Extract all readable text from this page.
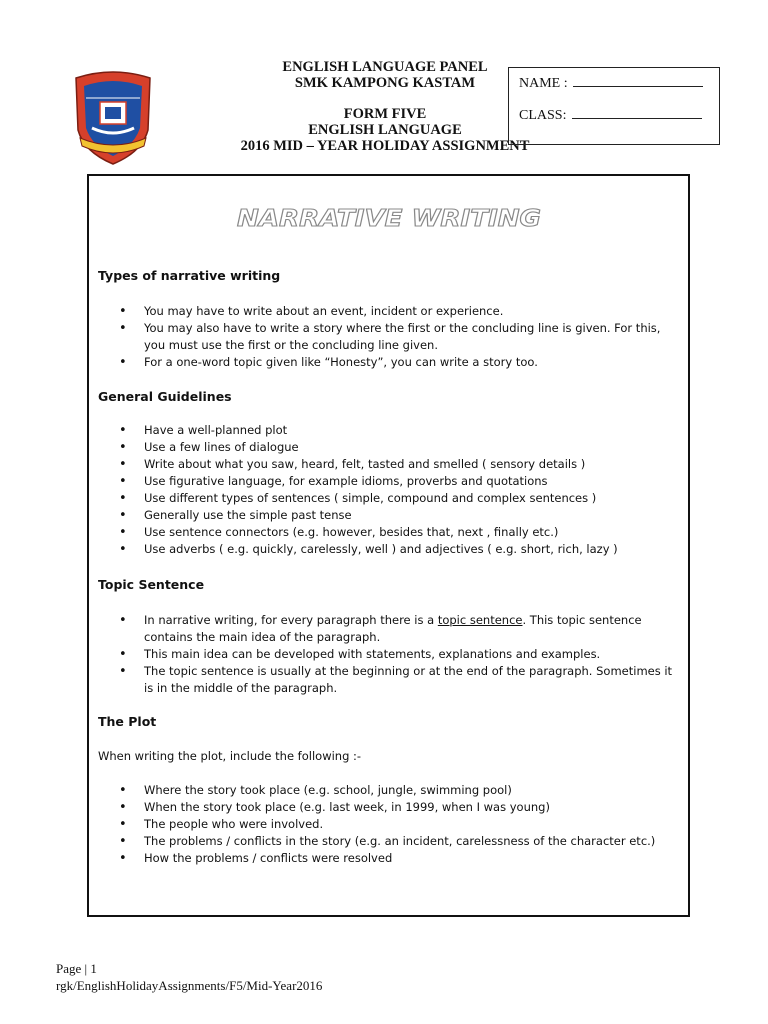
ENGLISH LANGUAGE PANEL
SMK KAMPONG KASTAM
FORM FIVE
ENGLISH LANGUAGE
2016 MID – YEAR HOLIDAY ASSIGNMENT
NAME :
CLASS:
NARRATIVE WRITING
Types of narrative writing
• You may have to write about an event, incident or experience.
• You may also have to write a story where the first or the concluding line is given. For this, you must use the first or the concluding line given.
• For a one-word topic given like “Honesty”, you can write a story too.
General Guidelines
• Have a well-planned plot
• Use a few lines of dialogue
• Write about what you saw, heard, felt, tasted and smelled ( sensory details )
• Use figurative language, for example idioms, proverbs and quotations
• Use different types of sentences ( simple, compound and complex sentences )
• Generally use the simple past tense
• Use sentence connectors (e.g. however, besides that, next , finally etc.)
• Use adverbs ( e.g. quickly, carelessly, well ) and adjectives ( e.g. short, rich, lazy )
Topic Sentence
• In narrative writing, for every paragraph there is a topic sentence. This topic sentence contains the main idea of the paragraph.
• This main idea can be developed with statements, explanations and examples.
• The topic sentence is usually at the beginning or at the end of the paragraph. Sometimes it is in the middle of the paragraph.
The Plot
When writing the plot, include the following :-
• Where the story took place (e.g. school, jungle, swimming pool)
• When the story took place (e.g. last week, in 1999, when I was young)
• The people who were involved.
• The problems / conflicts in the story (e.g. an incident, carelessness of the character etc.)
• How the problems / conflicts were resolved
Page | 1
rgk/EnglishHolidayAssignments/F5/Mid-Year2016
